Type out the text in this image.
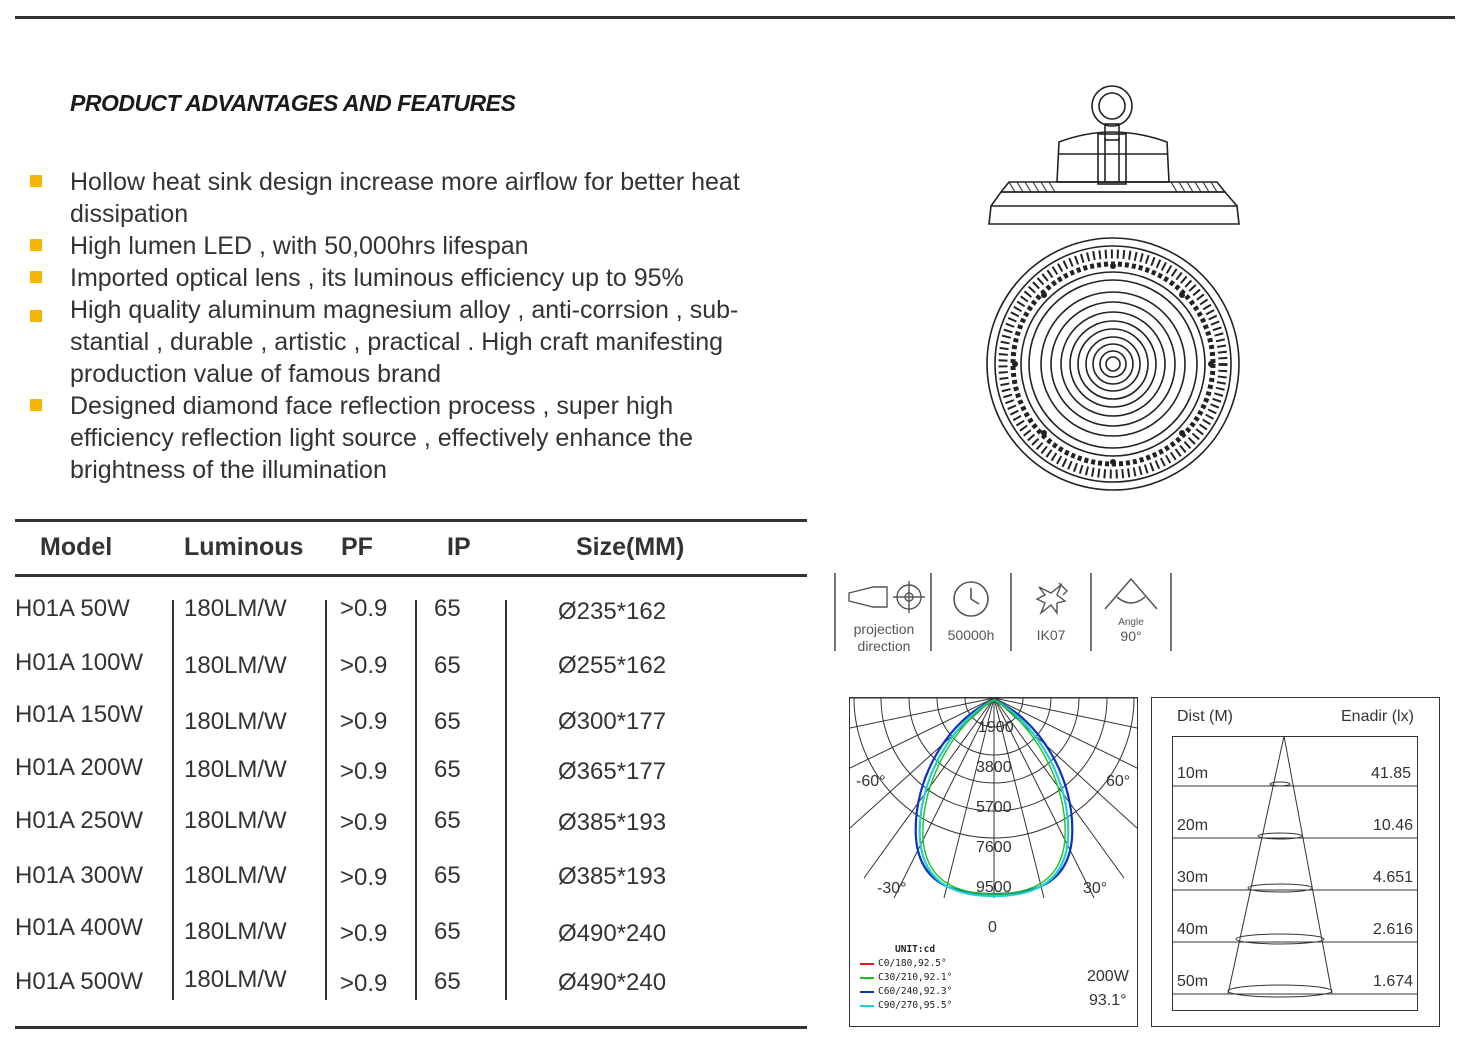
PRODUCT ADVANTAGES AND FEATURES
Hollow heat sink design increase more airflow for better heat
dissipation
High lumen LED , with 50,000hrs lifespan
Imported optical lens , its luminous efficiency up to 95%
High quality aluminum magnesium alloy , anti-corrsion , sub-
stantial , durable , artistic , practical . High craft manifesting
production value of famous brand
Designed diamond face reflection process , super high
efficiency reflection light source , effectively enhance the
brightness of the illumination
Model	Luminous PF	IP	Size(MM)
H01A 50W 180LM/W >0.9 65	Ø235*162
H01A 100W 180LM/W >0.9 65	Ø255*162
H01A 150W 180LM/W >0.9 65	Ø300*177
H01A 200W 180LM/W >0.9 65	Ø365*177
H01A 250W 180LM/W >0.9 65	Ø385*193
H01A 300W 180LM/W >0.9 65	Ø385*193
H01A 400W 180LM/W >0.9 65	Ø490*240
H01A 500W 180LM/W >0.9 65	Ø490*240
projection
direction
50000h	IK07
Angle
90°
1900
3800
5700
7600
9500
-60°	60°
-30°	30°
0
UNIT:cd
C0/180,92.5°
C30/210,92.1°
C60/240,92.3°
C90/270,95.5°
200W
93.1°
Dist (M)	Enadir (lx)
10m	41.85
20m	10.46
30m	4.651
40m	2.616
50m	1.674
